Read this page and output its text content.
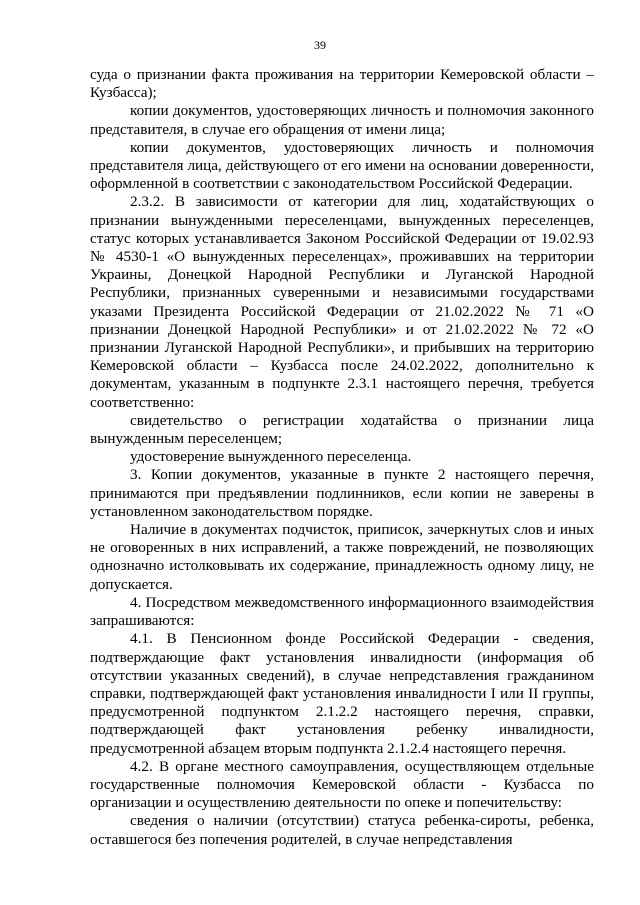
39

суда о признании факта проживания на территории Кемеровской области – Кузбасса);

копии документов, удостоверяющих личность и полномочия законного представителя, в случае его обращения от имени лица;

копии документов, удостоверяющих личность и полномочия представителя лица, действующего от его имени на основании доверенности, оформленной в соответствии с законодательством Российской Федерации.

2.3.2. В зависимости от категории для лиц, ходатайствующих о признании вынужденными переселенцами, вынужденных переселенцев, статус которых устанавливается Законом Российской Федерации от 19.02.93 № 4530-1 «О вынужденных переселенцах», проживавших на территории Украины, Донецкой Народной Республики и Луганской Народной Республики, признанных суверенными и независимыми государствами указами Президента Российской Федерации от 21.02.2022 № 71 «О признании Донецкой Народной Республики» и от 21.02.2022 № 72 «О признании Луганской Народной Республики», и прибывших на территорию Кемеровской области – Кузбасса после 24.02.2022, дополнительно к документам, указанным в подпункте 2.3.1 настоящего перечня, требуется соответственно:

свидетельство о регистрации ходатайства о признании лица вынужденным переселенцем;

удостоверение вынужденного переселенца.

3. Копии документов, указанные в пункте 2 настоящего перечня, принимаются при предъявлении подлинников, если копии не заверены в установленном законодательством порядке.

Наличие в документах подчисток, приписок, зачеркнутых слов и иных не оговоренных в них исправлений, а также повреждений, не позволяющих однозначно истолковывать их содержание, принадлежность одному лицу, не допускается.

4. Посредством межведомственного информационного взаимодействия запрашиваются:

4.1. В Пенсионном фонде Российской Федерации - сведения, подтверждающие факт установления инвалидности (информация об отсутствии указанных сведений), в случае непредставления гражданином справки, подтверждающей факт установления инвалидности I или II группы, предусмотренной подпунктом 2.1.2.2 настоящего перечня, справки, подтверждающей факт установления ребенку инвалидности, предусмотренной абзацем вторым подпункта 2.1.2.4 настоящего перечня.

4.2. В органе местного самоуправления, осуществляющем отдельные государственные полномочия Кемеровской области - Кузбасса по организации и осуществлению деятельности по опеке и попечительству:

сведения о наличии (отсутствии) статуса ребенка-сироты, ребенка, оставшегося без попечения родителей, в случае непредставления
